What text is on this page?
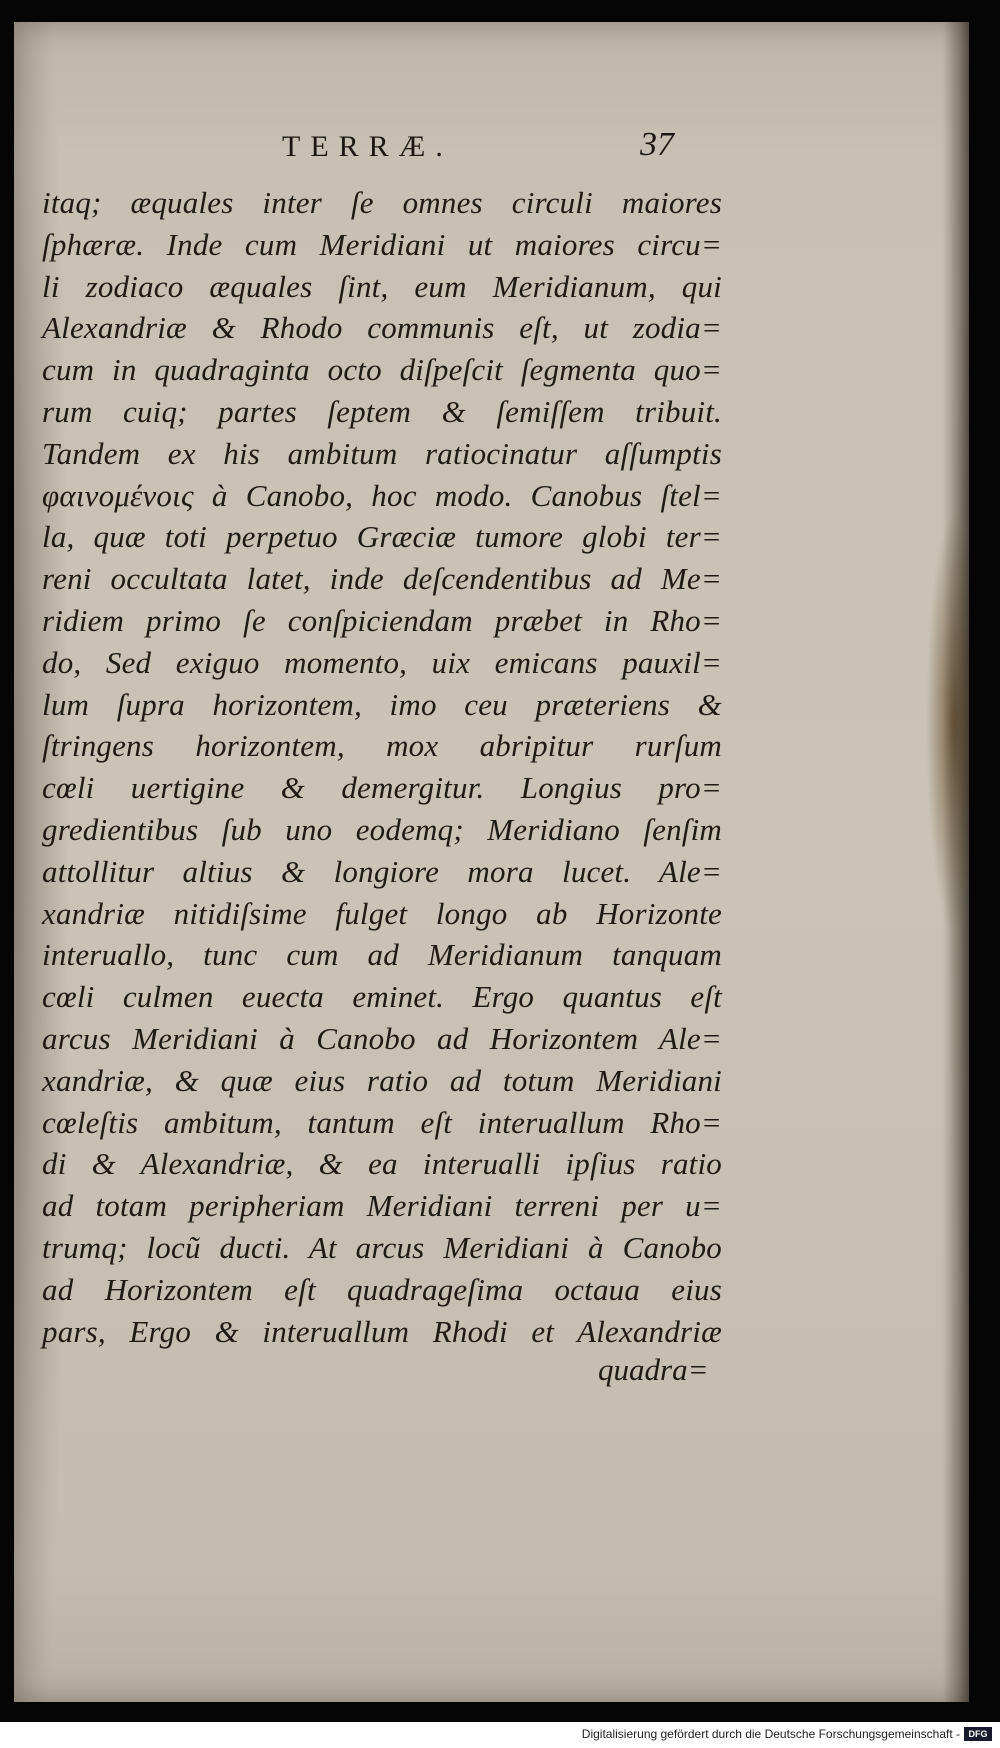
TERRÆ.	37
itaq; æquales inter ſe omnes circuli maiores
ſphæræ. Inde cum Meridiani ut maiores circu=
li zodiaco æquales ſint, eum Meridianum, qui
Alexandriæ & Rhodo communis eſt, ut zodia=
cum in quadraginta octo diſpeſcit ſegmenta quo=
rum cuiq; partes ſeptem & ſemiſſem tribuit.
Tandem ex his ambitum ratiocinatur aſſumptis
φαινομένοις à Canobo, hoc modo. Canobus ſtel=
la, quæ toti perpetuo Græciæ tumore globi ter=
reni occultata latet, inde deſcendentibus ad Me=
ridiem primo ſe conſpiciendam præbet in Rho=
do, Sed exiguo momento, uix emicans pauxil=
lum ſupra horizontem, imo ceu præteriens &
ſtringens horizontem, mox abripitur rurſum
cœli uertigine & demergitur. Longius pro=
gredientibus ſub uno eodemq; Meridiano ſenſim
attollitur altius & longiore mora lucet. Ale=
xandriæ nitidiſsime fulget longo ab Horizonte
interuallo, tunc cum ad Meridianum tanquam
cœli culmen euecta eminet. Ergo quantus eſt
arcus Meridiani à Canobo ad Horizontem Ale=
xandriæ, & quæ eius ratio ad totum Meridiani
cœleſtis ambitum, tantum eſt interuallum Rho=
di & Alexandriæ, & ea interualli ipſius ratio
ad totam peripheriam Meridiani terreni per u=
trumq; locũ ducti. At arcus Meridiani à Canobo
ad Horizontem eſt quadrageſima octaua eius
pars, Ergo & interuallum Rhodi et Alexandriæ
quadra=
Digitalisierung gefördert durch die Deutsche Forschungsgemeinschaft - DFG
